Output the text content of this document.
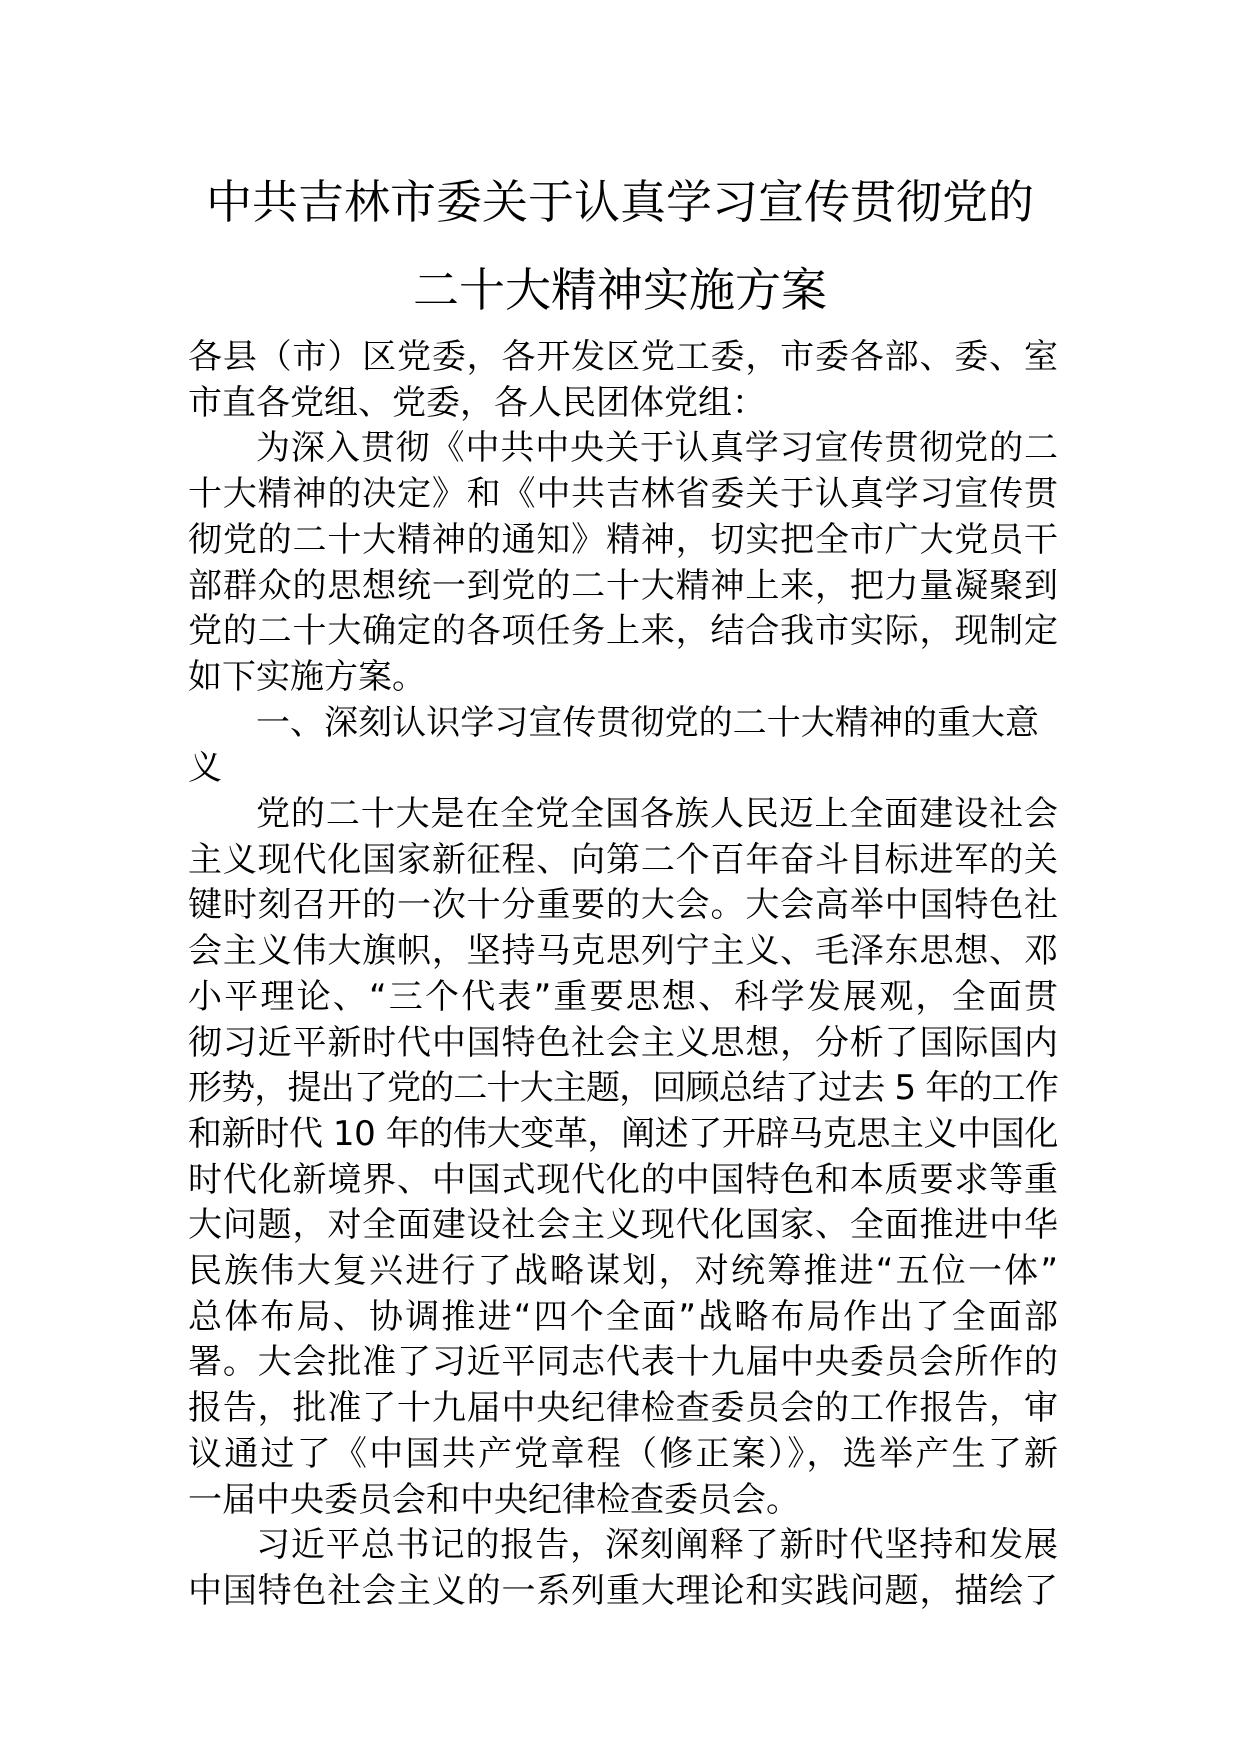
中共吉林市委关于认真学习宣传贯彻党的
二十大精神实施方案

各县（市）区党委，各开发区党工委，市委各部、委、室
市直各党组、党委，各人民团体党组：

为深入贯彻《中共中央关于认真学习宣传贯彻党的二
十大精神的决定》和《中共吉林省委关于认真学习宣传贯
彻党的二十大精神的通知》精神，切实把全市广大党员干
部群众的思想统一到党的二十大精神上来，把力量凝聚到
党的二十大确定的各项任务上来，结合我市实际，现制定
如下实施方案。

一、深刻认识学习宣传贯彻党的二十大精神的重大意
义

党的二十大是在全党全国各族人民迈上全面建设社会
主义现代化国家新征程、向第二个百年奋斗目标进军的关
键时刻召开的一次十分重要的大会。大会高举中国特色社
会主义伟大旗帜，坚持马克思列宁主义、毛泽东思想、邓
小平理论、“三个代表”重要思想、科学发展观，全面贯
彻习近平新时代中国特色社会主义思想，分析了国际国内
形势，提出了党的二十大主题，回顾总结了过去 5 年的工作
和新时代 10 年的伟大变革，阐述了开辟马克思主义中国化
时代化新境界、中国式现代化的中国特色和本质要求等重
大问题，对全面建设社会主义现代化国家、全面推进中华
民族伟大复兴进行了战略谋划，对统筹推进“五位一体”
总体布局、协调推进“四个全面”战略布局作出了全面部
署。大会批准了习近平同志代表十九届中央委员会所作的
报告，批准了十九届中央纪律检查委员会的工作报告，审
议通过了《中国共产党章程（修正案）》，选举产生了新
一届中央委员会和中央纪律检查委员会。

习近平总书记的报告，深刻阐释了新时代坚持和发展
中国特色社会主义的一系列重大理论和实践问题，描绘了
